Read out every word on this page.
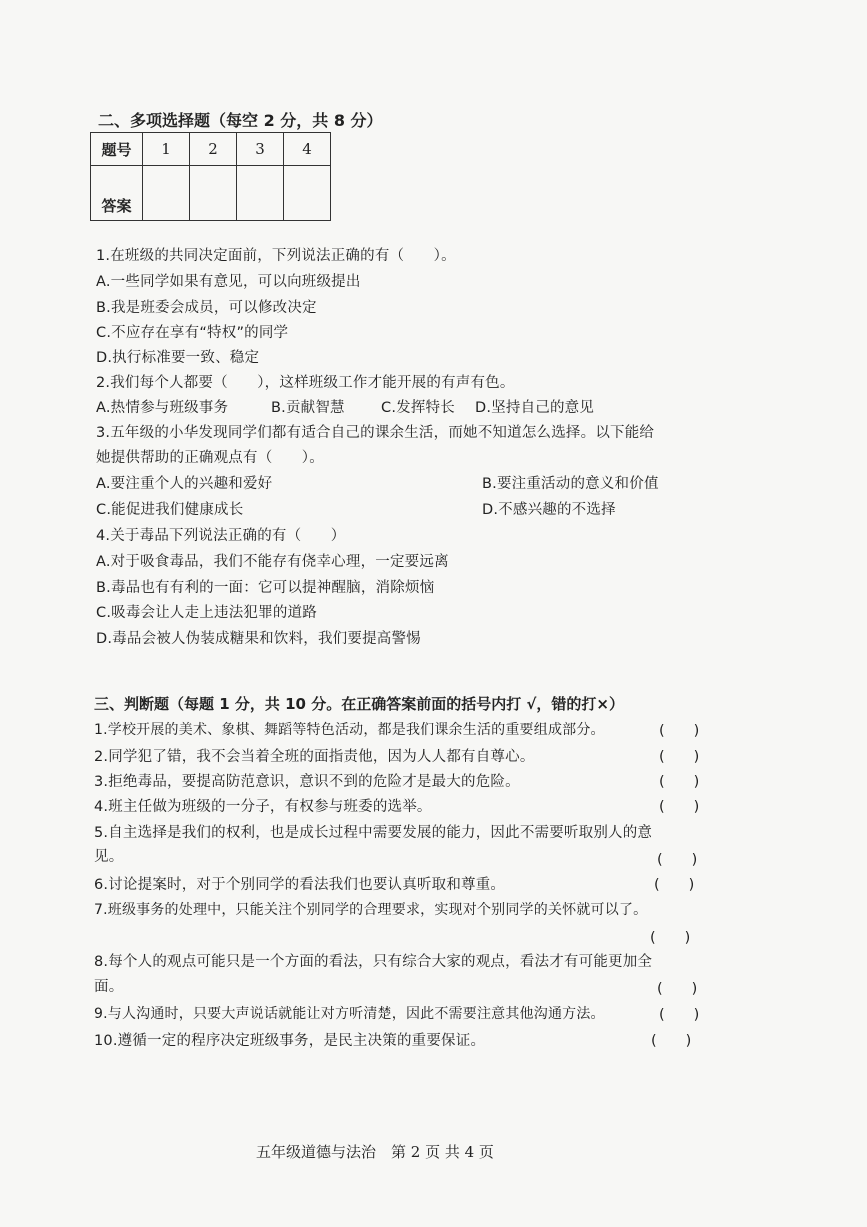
二、多项选择题（每空 2 分，共 8 分）
题号	1	2	3	4
答案				
1.在班级的共同决定面前，下列说法正确的有（　　）。
A.一些同学如果有意见，可以向班级提出
B.我是班委会成员，可以修改决定
C.不应存在享有“特权”的同学
D.执行标准要一致、稳定
2.我们每个人都要（　　），这样班级工作才能开展的有声有色。
A.热情参与班级事务	B.贡献智慧 C.发挥特长 D.坚持自己的意见
3.五年级的小华发现同学们都有适合自己的课余生活，而她不知道怎么选择。以下能给
她提供帮助的正确观点有（　　）。
A.要注重个人的兴趣和爱好	B.要注重活动的意义和价值
C.能促进我们健康成长	D.不感兴趣的不选择
4.关于毒品下列说法正确的有（　　）
A.对于吸食毒品，我们不能存有侥幸心理，一定要远离
B.毒品也有有利的一面：它可以提神醒脑，消除烦恼
C.吸毒会让人走上违法犯罪的道路
D.毒品会被人伪装成糖果和饮料，我们要提高警惕
三、判断题（每题 1 分，共 10 分。在正确答案前面的括号内打 √，错的打×）
1.学校开展的美术、象棋、舞蹈等特色活动，都是我们课余生活的重要组成部分。	(　　)
2.同学犯了错，我不会当着全班的面指责他，因为人人都有自尊心。	(　　)
3.拒绝毒品，要提高防范意识，意识不到的危险才是最大的危险。	(　　)
4.班主任做为班级的一分子，有权参与班委的选举。	(　　)
5.自主选择是我们的权利，也是成长过程中需要发展的能力，因此不需要听取别人的意
见。	(　　)
6.讨论提案时，对于个别同学的看法我们也要认真听取和尊重。	(　　)
7.班级事务的处理中，只能关注个别同学的合理要求，实现对个别同学的关怀就可以了。
(　　)
8.每个人的观点可能只是一个方面的看法，只有综合大家的观点，看法才有可能更加全
面。	(　　)
9.与人沟通时，只要大声说话就能让对方听清楚，因此不需要注意其他沟通方法。	(　　)
10.遵循一定的程序决定班级事务，是民主决策的重要保证。	(　　)
五年级道德与法治　第 2 页 共 4 页
